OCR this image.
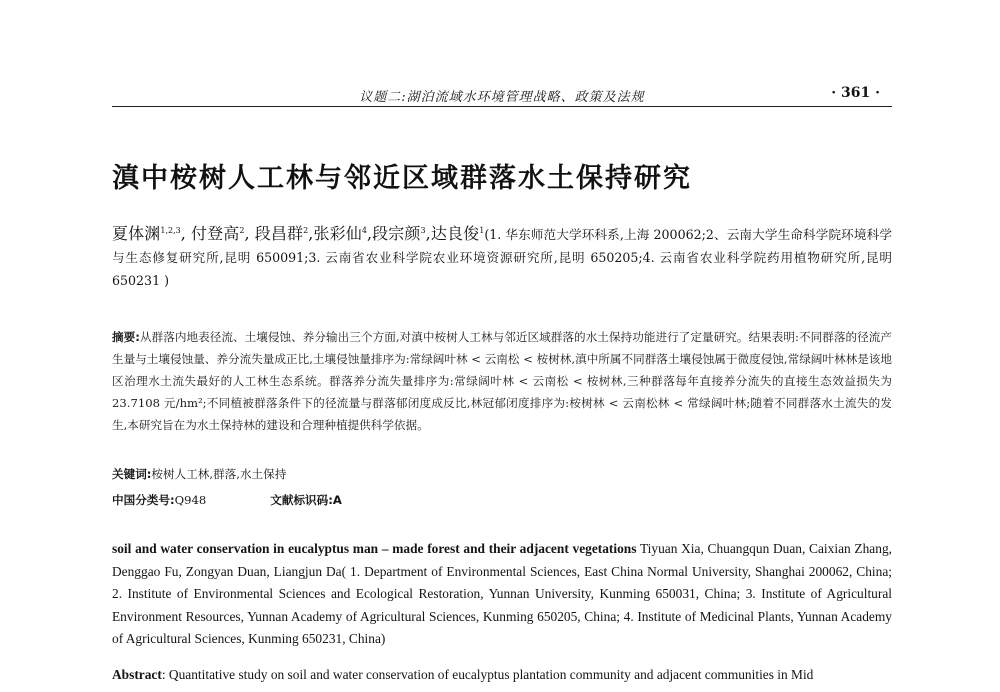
议题二:湖泊流域水环境管理战略、政策及法规	· 361 ·
滇中桉树人工林与邻近区域群落水土保持研究

夏体渊$^{1,2,3}$, 付登高$^2$, 段昌群$^2$,张彩仙$^4$,段宗颜$^3$,达良俊$^1$(1. 华东师范大学环科系,上海 200062;2、云南大学生命科学院环境科学与生态修复研究所,昆明 650091;3. 云南省农业科学院农业环境资源研究所,昆明 650205;4. 云南省农业科学院药用植物研究所,昆明 650231 )

摘要:从群落内地表径流、土壤侵蚀、养分输出三个方面,对滇中桉树人工林与邻近区域群落的水土保持功能进行了定量研究。结果表明:不同群落的径流产生量与土壤侵蚀量、养分流失量成正比,土壤侵蚀量排序为:常绿阔叶林 < 云南松 < 桉树林,滇中所属不同群落土壤侵蚀属于微度侵蚀,常绿阔叶林林是该地区治理水土流失最好的人工林生态系统。群落养分流失量排序为:常绿阔叶林 < 云南松 < 桉树林,三种群落每年直接养分流失的直接生态效益损失为 23.7108 元/hm²;不同植被群落条件下的径流量与群落郁闭度成反比,林冠郁闭度排序为:桉树林 < 云南松林 < 常绿阔叶林;随着不同群落水土流失的发生,本研究旨在为水土保持林的建设和合理种植提供科学依据。

关键词:桉树人工林,群落,水土保持

中国分类号:Q948	文献标识码:A

soil and water conservation in eucalyptus man – made forest and their adjacent vegetations Tiyuan Xia, Chuangqun Duan, Caixian Zhang, Denggao Fu, Zongyan Duan, Liangjun Da( 1. Department of Environmental Sciences, East China Normal University, Shanghai 200062, China; 2. Institute of Environmental Sciences and Ecological Restoration, Yunnan University, Kunming 650031, China; 3. Institute of Agricultural Environment Resources, Yunnan Academy of Agricultural Sciences, Kunming 650205, China; 4. Institute of Medicinal Plants, Yunnan Academy of Agricultural Sciences, Kunming 650231, China)

Abstract: Quantitative study on soil and water conservation of eucalyptus plantation community and adjacent communities in Mid
